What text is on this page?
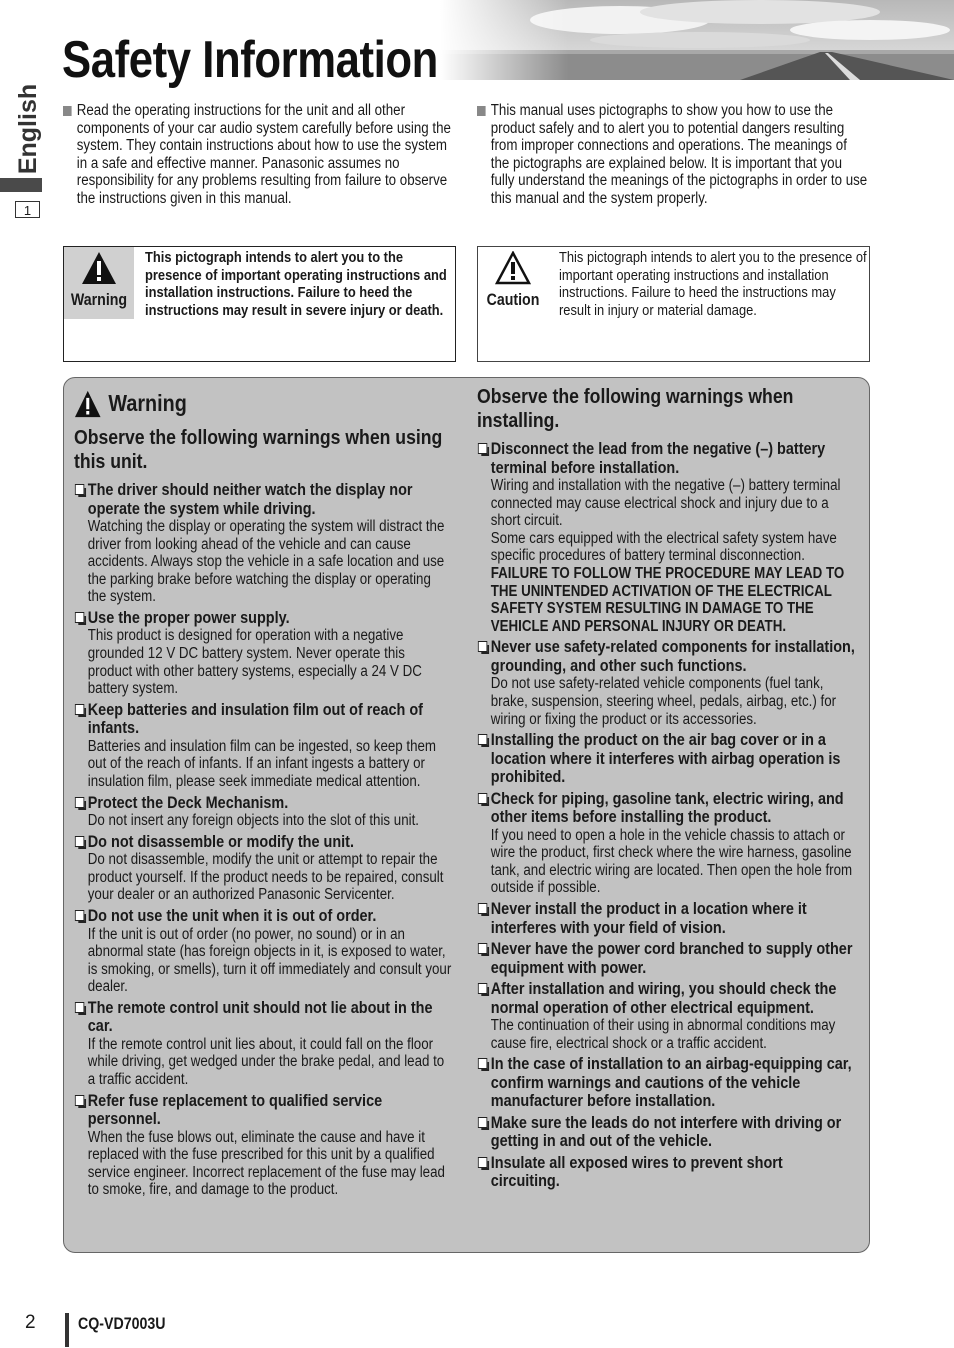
Safety Information
English
1
Read the operating instructions for the unit and all other components of your car audio system carefully before using the system. They contain instructions about how to use the system in a safe and effective manner. Panasonic assumes no responsibility for any problems resulting from failure to observe the instructions given in this manual.
This manual uses pictographs to show you how to use the product safely and to alert you to potential dangers resulting from improper connections and operations. The meanings of the pictographs are explained below. It is important that you fully understand the meanings of the pictographs in order to use this manual and the system properly.
Warning
This pictograph intends to alert you to the presence of important operating instructions and installation instructions. Failure to heed the instructions may result in severe injury or death.
Caution
This pictograph intends to alert you to the presence of important operating instructions and installation instructions. Failure to heed the instructions may result in injury or material damage.
Warning
Observe the following warnings when using this unit.
The driver should neither watch the display nor operate the system while driving.
Watching the display or operating the system will distract the driver from looking ahead of the vehicle and can cause accidents. Always stop the vehicle in a safe location and use the parking brake before watching the display or operating the system.
Use the proper power supply.
This product is designed for operation with a negative grounded 12 V DC battery system. Never operate this product with other battery systems, especially a 24 V DC battery system.
Keep batteries and insulation film out of reach of infants.
Batteries and insulation film can be ingested, so keep them out of the reach of infants. If an infant ingests a battery or insulation film, please seek immediate medical attention.
Protect the Deck Mechanism.
Do not insert any foreign objects into the slot of this unit.
Do not disassemble or modify the unit.
Do not disassemble, modify the unit or attempt to repair the product yourself. If the product needs to be repaired, consult your dealer or an authorized Panasonic Servicenter.
Do not use the unit when it is out of order.
If the unit is out of order (no power, no sound) or in an abnormal state (has foreign objects in it, is exposed to water, is smoking, or smells), turn it off immediately and consult your dealer.
The remote control unit should not lie about in the car.
If the remote control unit lies about, it could fall on the floor while driving, get wedged under the brake pedal, and lead to a traffic accident.
Refer fuse replacement to qualified service personnel.
When the fuse blows out, eliminate the cause and have it replaced with the fuse prescribed for this unit by a qualified service engineer. Incorrect replacement of the fuse may lead to smoke, fire, and damage to the product.
Observe the following warnings when installing.
Disconnect the lead from the negative (–) battery terminal before installation.
Wiring and installation with the negative (–) battery terminal connected may cause electrical shock and injury due to a short circuit.
Some cars equipped with the electrical safety system have specific procedures of battery terminal disconnection.
FAILURE TO FOLLOW THE PROCEDURE MAY LEAD TO THE UNINTENDED ACTIVATION OF THE ELECTRICAL SAFETY SYSTEM RESULTING IN DAMAGE TO THE VEHICLE AND PERSONAL INJURY OR DEATH.
Never use safety-related components for installation, grounding, and other such functions.
Do not use safety-related vehicle components (fuel tank, brake, suspension, steering wheel, pedals, airbag, etc.) for wiring or fixing the product or its accessories.
Installing the product on the air bag cover or in a location where it interferes with airbag operation is prohibited.
Check for piping, gasoline tank, electric wiring, and other items before installing the product.
If you need to open a hole in the vehicle chassis to attach or wire the product, first check where the wire harness, gasoline tank, and electric wiring are located. Then open the hole from outside if possible.
Never install the product in a location where it interferes with your field of vision.
Never have the power cord branched to supply other equipment with power.
After installation and wiring, you should check the normal operation of other electrical equipment.
The continuation of their using in abnormal conditions may cause fire, electrical shock or a traffic accident.
In the case of installation to an airbag-equipping car, confirm warnings and cautions of the vehicle manufacturer before installation.
Make sure the leads do not interfere with driving or getting in and out of the vehicle.
Insulate all exposed wires to prevent short circuiting.
2	CQ-VD7003U
